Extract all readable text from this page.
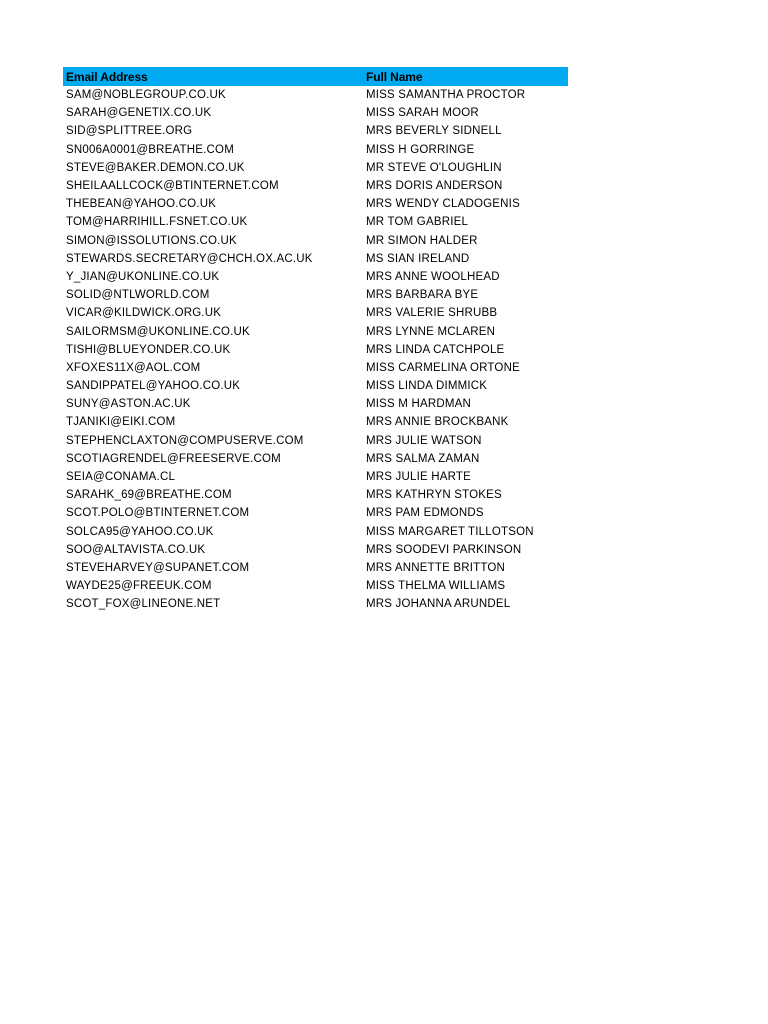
Email Address	Full Name
SAM@NOBLEGROUP.CO.UK	MISS SAMANTHA PROCTOR
SARAH@GENETIX.CO.UK	MISS SARAH MOOR
SID@SPLITTREE.ORG	MRS BEVERLY SIDNELL
SN006A0001@BREATHE.COM	MISS H GORRINGE
STEVE@BAKER.DEMON.CO.UK	MR STEVE O'LOUGHLIN
SHEILAALLCOCK@BTINTERNET.COM	MRS DORIS ANDERSON
THEBEAN@YAHOO.CO.UK	MRS WENDY CLADOGENIS
TOM@HARRIHILL.FSNET.CO.UK	MR TOM GABRIEL
SIMON@ISSOLUTIONS.CO.UK	MR SIMON HALDER
STEWARDS.SECRETARY@CHCH.OX.AC.UK	MS SIAN IRELAND
Y_JIAN@UKONLINE.CO.UK	MRS ANNE WOOLHEAD
SOLID@NTLWORLD.COM	MRS BARBARA BYE
VICAR@KILDWICK.ORG.UK	MRS VALERIE SHRUBB
SAILORMSM@UKONLINE.CO.UK	MRS LYNNE MCLAREN
TISHI@BLUEYONDER.CO.UK	MRS LINDA CATCHPOLE
XFOXES11X@AOL.COM	MISS CARMELINA ORTONE
SANDIPPATEL@YAHOO.CO.UK	MISS LINDA DIMMICK
SUNY@ASTON.AC.UK	MISS M HARDMAN
TJANIKI@EIKI.COM	MRS ANNIE BROCKBANK
STEPHENCLAXTON@COMPUSERVE.COM	MRS JULIE WATSON
SCOTIAGRENDEL@FREESERVE.COM	MRS SALMA ZAMAN
SEIA@CONAMA.CL	MRS JULIE HARTE
SARAHK_69@BREATHE.COM	MRS KATHRYN STOKES
SCOT.POLO@BTINTERNET.COM	MRS PAM EDMONDS
SOLCA95@YAHOO.CO.UK	MISS MARGARET TILLOTSON
SOO@ALTAVISTA.CO.UK	MRS SOODEVI PARKINSON
STEVEHARVEY@SUPANET.COM	MRS ANNETTE BRITTON
WAYDE25@FREEUK.COM	MISS THELMA WILLIAMS
SCOT_FOX@LINEONE.NET	MRS JOHANNA ARUNDEL
